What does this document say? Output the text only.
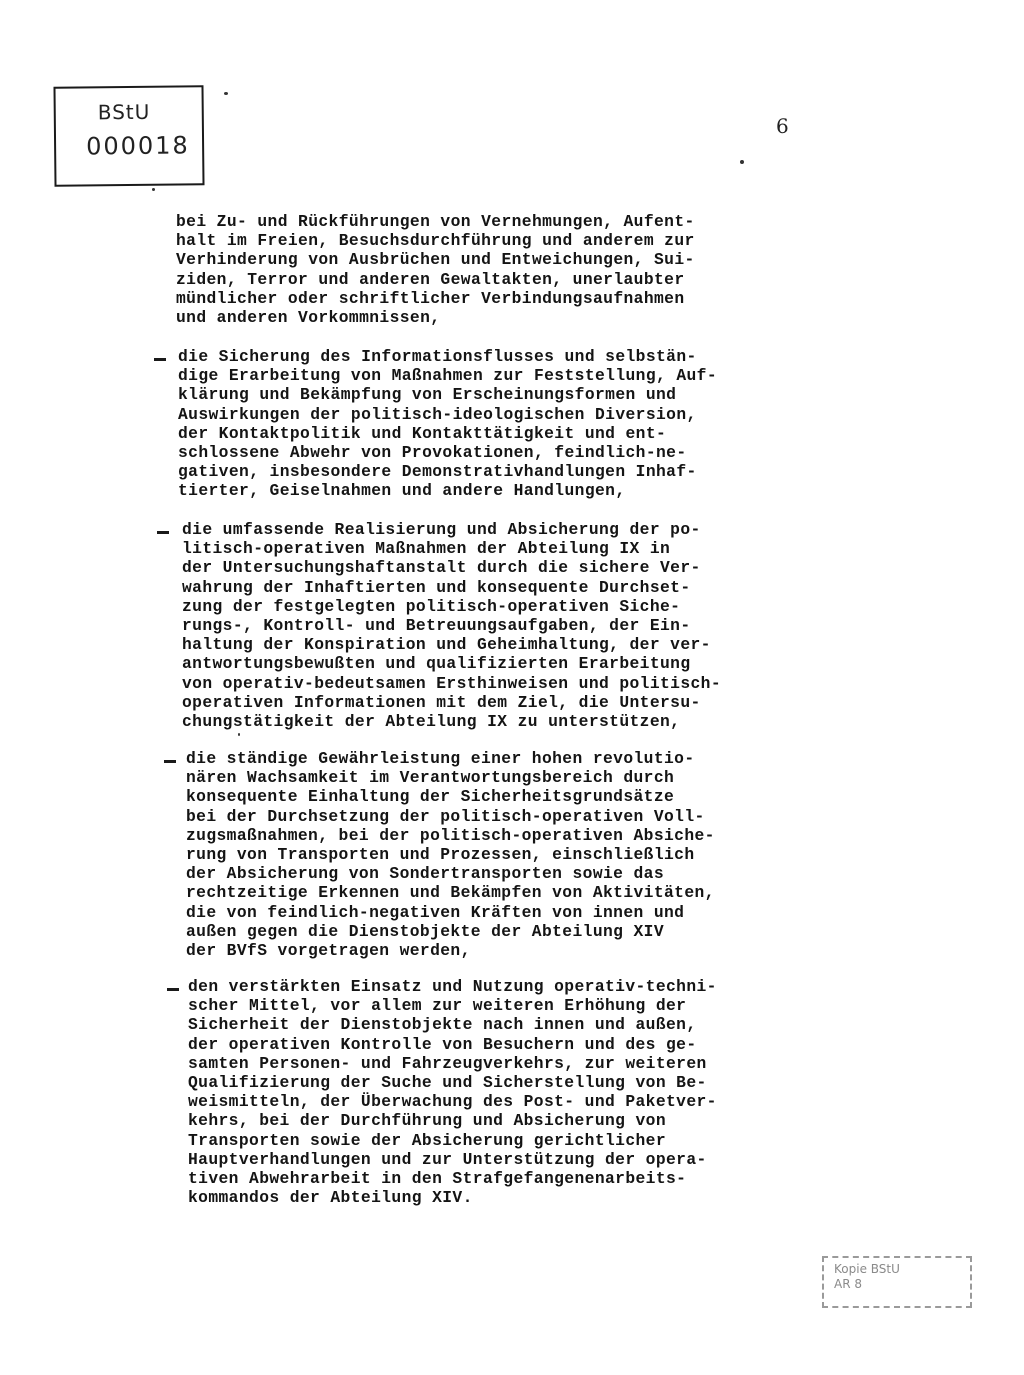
BStU
000018
6

bei Zu- und Rückführungen von Vernehmungen, Aufent-
halt im Freien, Besuchsdurchführung und anderem zur
Verhinderung von Ausbrüchen und Entweichungen, Sui-
ziden, Terror und anderen Gewaltakten, unerlaubter
mündlicher oder schriftlicher Verbindungsaufnahmen
und anderen Vorkommnissen,

die Sicherung des Informationsflusses und selbstän-
dige Erarbeitung von Maßnahmen zur Feststellung, Auf-
klärung und Bekämpfung von Erscheinungsformen und
Auswirkungen der politisch-ideologischen Diversion,
der Kontaktpolitik und Kontakttätigkeit und ent-
schlossene Abwehr von Provokationen, feindlich-ne-
gativen, insbesondere Demonstrativhandlungen Inhaf-
tierter, Geiselnahmen und andere Handlungen,

die umfassende Realisierung und Absicherung der po-
litisch-operativen Maßnahmen der Abteilung IX in
der Untersuchungshaftanstalt durch die sichere Ver-
wahrung der Inhaftierten und konsequente Durchset-
zung der festgelegten politisch-operativen Siche-
rungs-, Kontroll- und Betreuungsaufgaben, der Ein-
haltung der Konspiration und Geheimhaltung, der ver-
antwortungsbewußten und qualifizierten Erarbeitung
von operativ-bedeutsamen Ersthinweisen und politisch-
operativen Informationen mit dem Ziel, die Untersu-
chungstätigkeit der Abteilung IX zu unterstützen,

die ständige Gewährleistung einer hohen revolutio-
nären Wachsamkeit im Verantwortungsbereich durch
konsequente Einhaltung der Sicherheitsgrundsätze
bei der Durchsetzung der politisch-operativen Voll-
zugsmaßnahmen, bei der politisch-operativen Absiche-
rung von Transporten und Prozessen, einschließlich
der Absicherung von Sondertransporten sowie das
rechtzeitige Erkennen und Bekämpfen von Aktivitäten,
die von feindlich-negativen Kräften von innen und
außen gegen die Dienstobjekte der Abteilung XIV
der BVfS vorgetragen werden,

den verstärkten Einsatz und Nutzung operativ-techni-
scher Mittel, vor allem zur weiteren Erhöhung der
Sicherheit der Dienstobjekte nach innen und außen,
der operativen Kontrolle von Besuchern und des ge-
samten Personen- und Fahrzeugverkehrs, zur weiteren
Qualifizierung der Suche und Sicherstellung von Be-
weismitteln, der Überwachung des Post- und Paketver-
kehrs, bei der Durchführung und Absicherung von
Transporten sowie der Absicherung gerichtlicher
Hauptverhandlungen und zur Unterstützung der opera-
tiven Abwehrarbeit in den Strafgefangenenarbeits-
kommandos der Abteilung XIV.

Kopie BStU
AR 8
